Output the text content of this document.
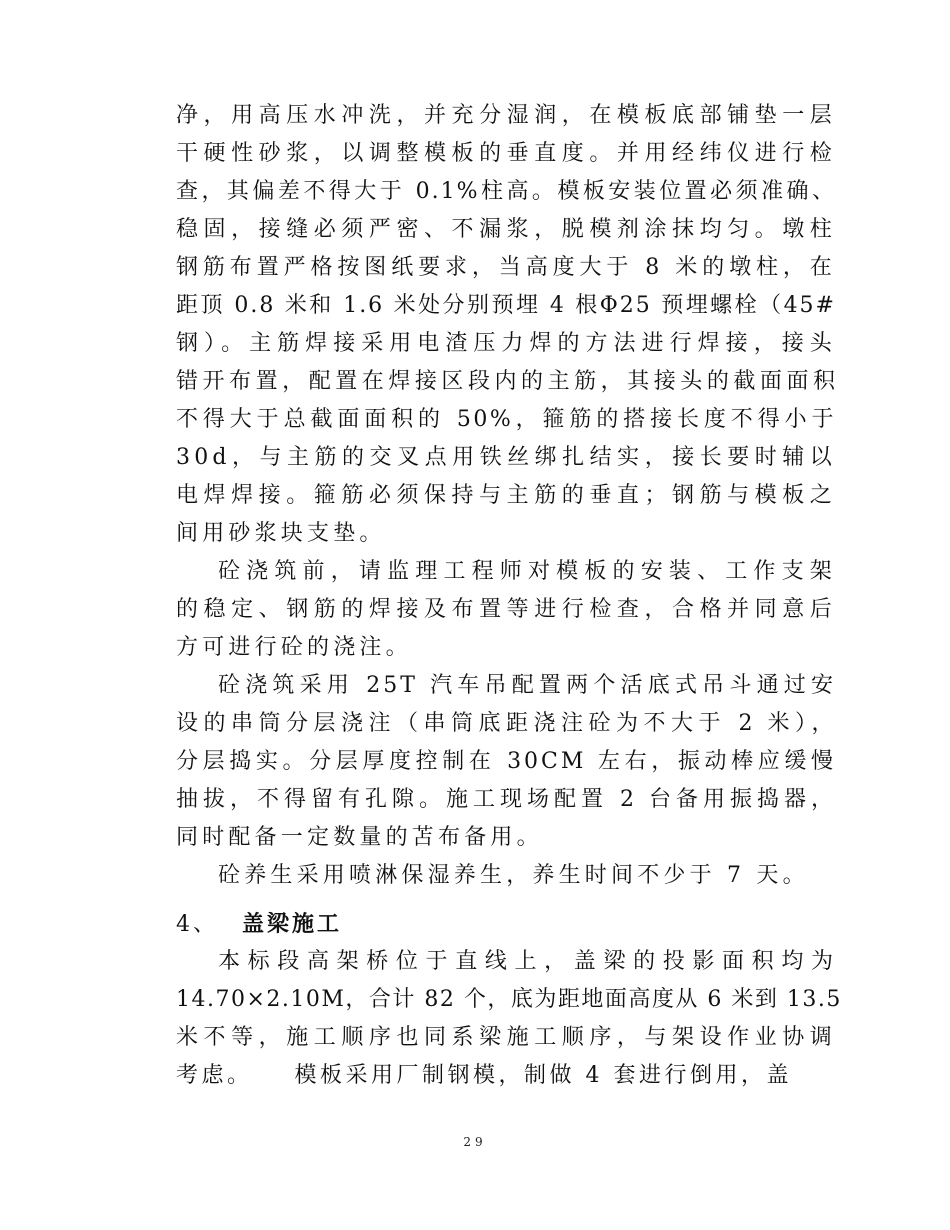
净，用高压水冲洗，并充分湿润，在模板底部铺垫一层
干硬性砂浆，以调整模板的垂直度。并用经纬仪进行检
查，其偏差不得大于 0.1%柱高。模板安装位置必须准确、
稳固，接缝必须严密、不漏浆，脱模剂涂抹均匀。墩柱
钢筋布置严格按图纸要求，当高度大于 8 米的墩柱，在
距顶 0.8 米和 1.6 米处分别预埋 4 根Φ25 预埋螺栓（45#
钢）。主筋焊接采用电渣压力焊的方法进行焊接，接头
错开布置，配置在焊接区段内的主筋，其接头的截面面积
不得大于总截面面积的 50%，箍筋的搭接长度不得小于
30d，与主筋的交叉点用铁丝绑扎结实，接长要时辅以
电焊焊接。箍筋必须保持与主筋的垂直；钢筋与模板之
间用砂浆块支垫。
砼浇筑前，请监理工程师对模板的安装、工作支架
的稳定、钢筋的焊接及布置等进行检查，合格并同意后
方可进行砼的浇注。
砼浇筑采用 25T 汽车吊配置两个活底式吊斗通过安
设的串筒分层浇注（串筒底距浇注砼为不大于 2 米），
分层捣实。分层厚度控制在 30CM 左右，振动棒应缓慢
抽拔，不得留有孔隙。施工现场配置 2 台备用振捣器，
同时配备一定数量的苫布备用。
砼养生采用喷淋保湿养生，养生时间不少于 7 天。
4、 盖梁施工
本标段高架桥位于直线上，盖梁的投影面积均为
14.70×2.10M，合计 82 个，底为距地面高度从 6 米到 13.5
米不等，施工顺序也同系梁施工顺序，与架设作业协调
考虑。    模板采用厂制钢模，制做 4 套进行倒用，盖
29
